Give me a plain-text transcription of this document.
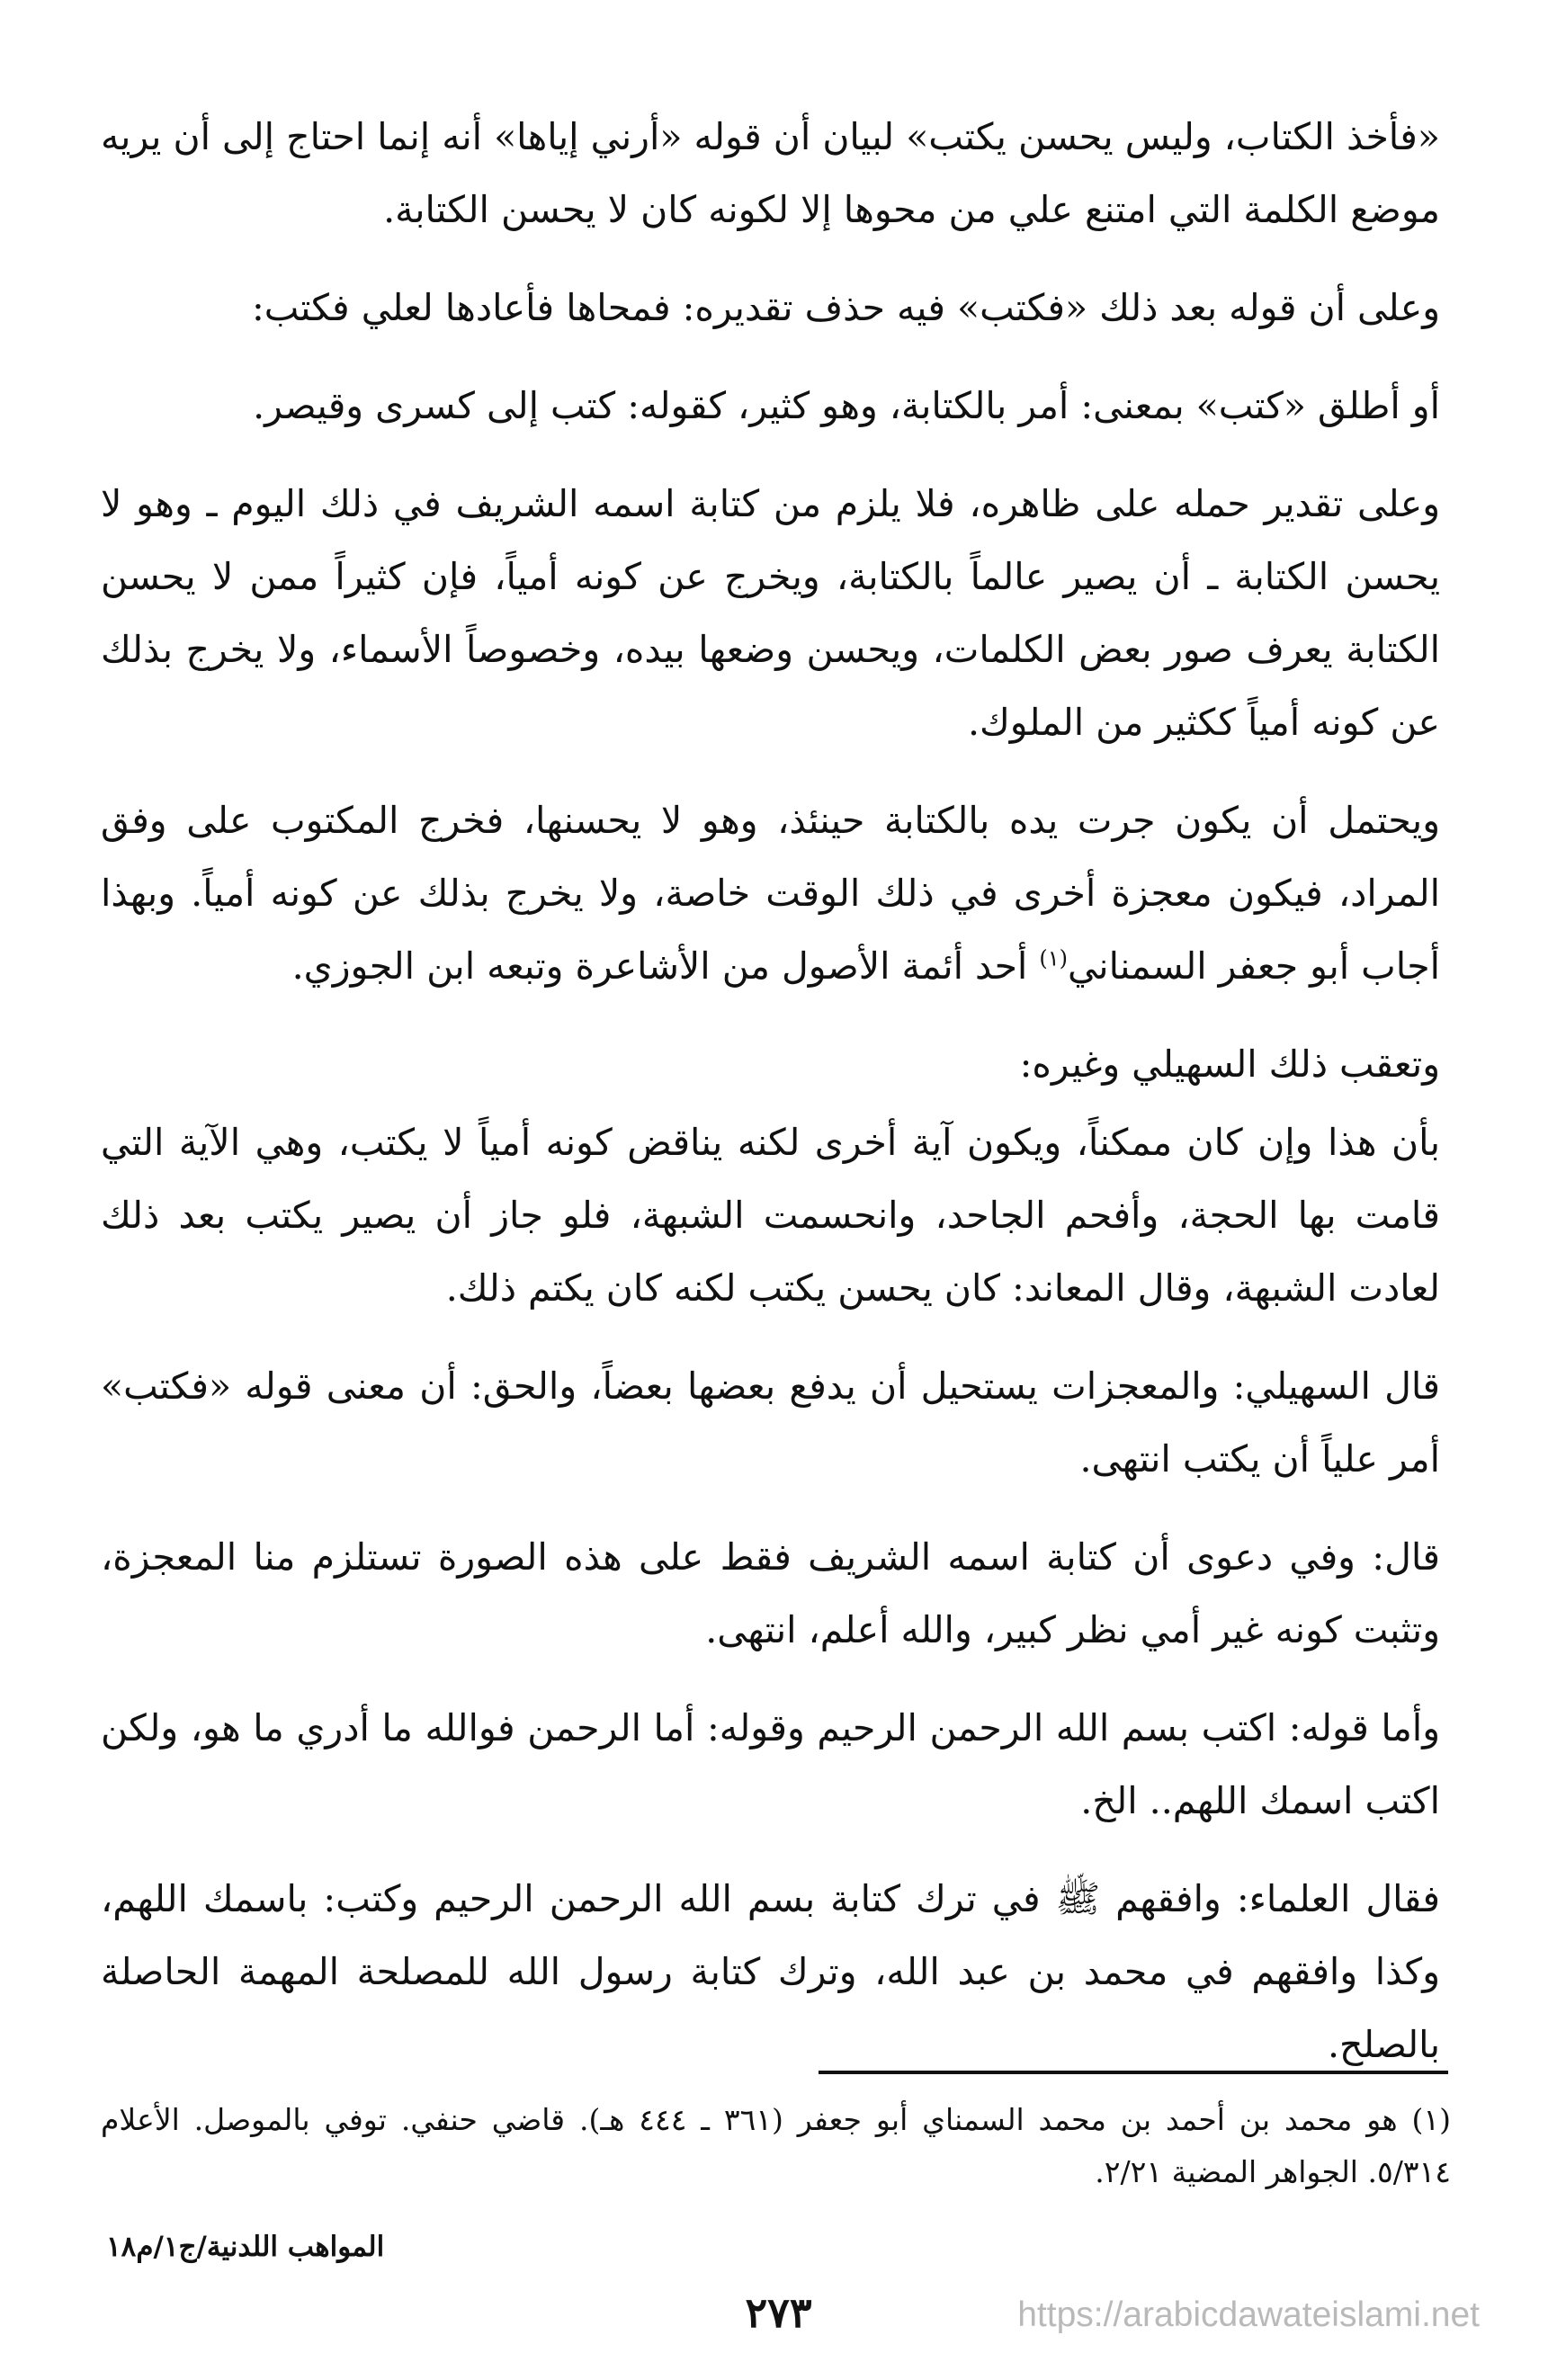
«فأخذ الكتاب، وليس يحسن يكتب» لبيان أن قوله «أرني إياها» أنه إنما احتاج إلى أن يريه موضع الكلمة التي امتنع علي من محوها إلا لكونه كان لا يحسن الكتابة.

وعلى أن قوله بعد ذلك «فكتب» فيه حذف تقديره: فمحاها فأعادها لعلي فكتب:

أو أطلق «كتب» بمعنى: أمر بالكتابة، وهو كثير، كقوله: كتب إلى كسرى وقيصر.

وعلى تقدير حمله على ظاهره، فلا يلزم من كتابة اسمه الشريف في ذلك اليوم ـ وهو لا يحسن الكتابة ـ أن يصير عالماً بالكتابة، ويخرج عن كونه أمياً، فإن كثيراً ممن لا يحسن الكتابة يعرف صور بعض الكلمات، ويحسن وضعها بيده، وخصوصاً الأسماء، ولا يخرج بذلك عن كونه أمياً ككثير من الملوك.

ويحتمل أن يكون جرت يده بالكتابة حينئذ، وهو لا يحسنها، فخرج المكتوب على وفق المراد، فيكون معجزة أخرى في ذلك الوقت خاصة، ولا يخرج بذلك عن كونه أمياً. وبهذا أجاب أبو جعفر السمناني$^{(١)}$ أحد أئمة الأصول من الأشاعرة وتبعه ابن الجوزي.

وتعقب ذلك السهيلي وغيره:

بأن هذا وإن كان ممكناً، ويكون آية أخرى لكنه يناقض كونه أمياً لا يكتب، وهي الآية التي قامت بها الحجة، وأفحم الجاحد، وانحسمت الشبهة، فلو جاز أن يصير يكتب بعد ذلك لعادت الشبهة، وقال المعاند: كان يحسن يكتب لكنه كان يكتم ذلك.

قال السهيلي: والمعجزات يستحيل أن يدفع بعضها بعضاً، والحق: أن معنى قوله «فكتب» أمر علياً أن يكتب انتهى.

قال: وفي دعوى أن كتابة اسمه الشريف فقط على هذه الصورة تستلزم منا المعجزة، وتثبت كونه غير أمي نظر كبير، والله أعلم، انتهى.

وأما قوله: اكتب بسم الله الرحمن الرحيم وقوله: أما الرحمن فوالله ما أدري ما هو، ولكن اكتب اسمك اللهم.. الخ.

فقال العلماء: وافقهم ﷺ في ترك كتابة بسم الله الرحمن الرحيم وكتب: باسمك اللهم، وكذا وافقهم في محمد بن عبد الله، وترك كتابة رسول الله للمصلحة المهمة الحاصلة بالصلح.

(١) هو محمد بن أحمد بن محمد السمناي أبو جعفر (٣٦١ ـ ٤٤٤ هـ). قاضي حنفي. توفي بالموصل. الأعلام ٥/٣١٤. الجواهر المضية ٢/٢١.

المواهب اللدنية/ج١/م١٨
٢٧٣	https://arabicdawateislami.net
